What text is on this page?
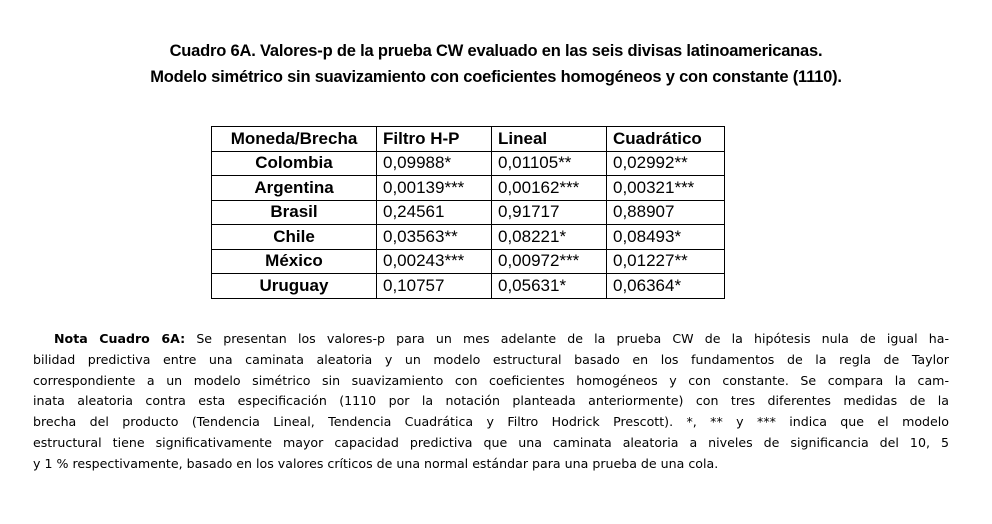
Cuadro 6A. Valores-p de la prueba CW evaluado en las seis divisas latinoamericanas.
Modelo simétrico sin suavizamiento con coeficientes homogéneos y con constante (1110).
Moneda/Brecha	Filtro H-P	Lineal	Cuadrático
Colombia	0,09988*	0,01105**	0,02992**
Argentina	0,00139***	0,00162***	0,00321***
Brasil	0,24561	0,91717	0,88907
Chile	0,03563**	0,08221*	0,08493*
México	0,00243***	0,00972***	0,01227**
Uruguay	0,10757	0,05631*	0,06364*
Nota Cuadro 6A: Se presentan los valores-p para un mes adelante de la prueba CW de la hipótesis nula de igual ha-
bilidad predictiva entre una caminata aleatoria y un modelo estructural basado en los fundamentos de la regla de Taylor
correspondiente a un modelo simétrico sin suavizamiento con coeficientes homogéneos y con constante. Se compara la cam-
inata aleatoria contra esta especificación (1110 por la notación planteada anteriormente) con tres diferentes medidas de la
brecha del producto (Tendencia Lineal, Tendencia Cuadrática y Filtro Hodrick Prescott). *, ** y *** indica que el modelo
estructural tiene significativamente mayor capacidad predictiva que una caminata aleatoria a niveles de significancia del 10, 5
y 1 % respectivamente, basado en los valores críticos de una normal estándar para una prueba de una cola.
